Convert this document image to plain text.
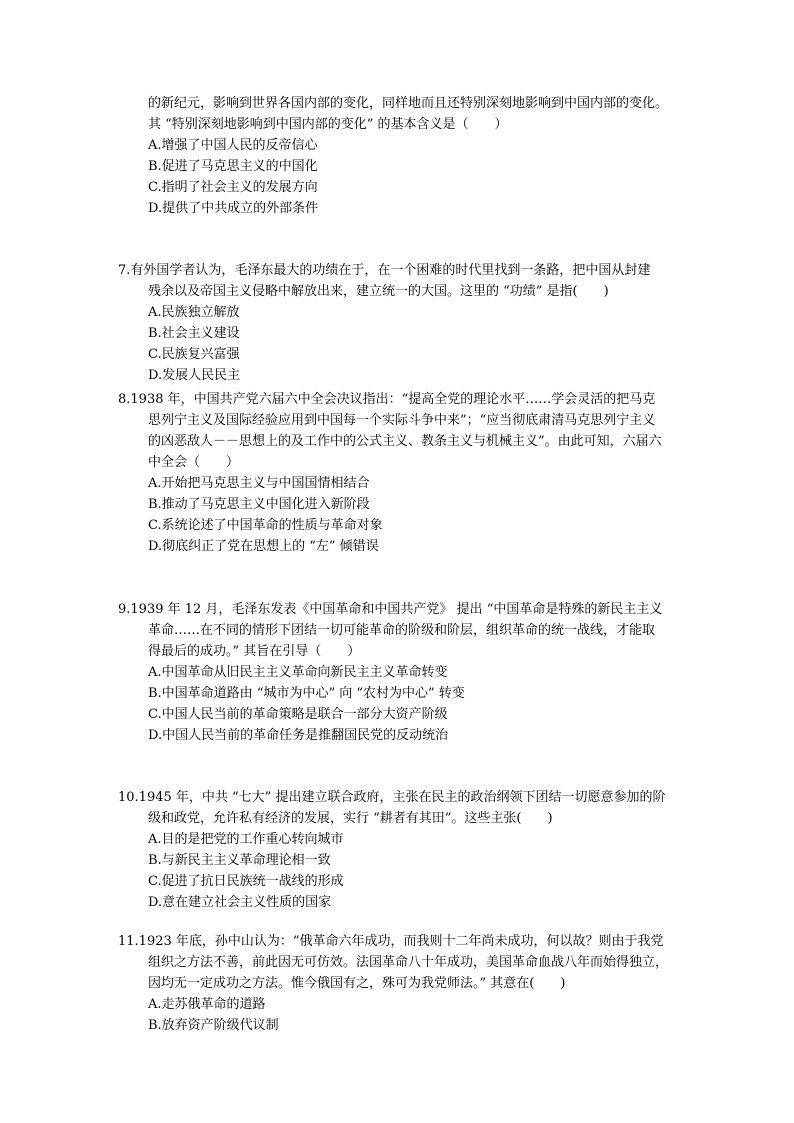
的新纪元，影响到世界各国内部的变化，同样地而且还特别深刻地影响到中国内部的变化。
其 “特别深刻地影响到中国内部的变化” 的基本含义是（　　）
A.增强了中国人民的反帝信心
B.促进了马克思主义的中国化
C.指明了社会主义的发展方向
D.提供了中共成立的外部条件
7.有外国学者认为，毛泽东最大的功绩在于，在一个困难的时代里找到一条路，把中国从封建
残余以及帝国主义侵略中解放出来，建立统一的大国。这里的 “功绩” 是指(　　)
A.民族独立解放
B.社会主义建设
C.民族复兴富强
D.发展人民民主
8.1938 年，中国共产党六届六中全会决议指出：“提高全党的理论水平……学会灵活的把马克
思列宁主义及国际经验应用到中国每一个实际斗争中来”；“应当彻底肃清马克思列宁主义
的凶恶敌人－－思想上的及工作中的公式主义、教条主义与机械主义”。由此可知，六届六
中全会（　　）
A.开始把马克思主义与中国国情相结合
B.推动了马克思主义中国化进入新阶段
C.系统论述了中国革命的性质与革命对象
D.彻底纠正了党在思想上的 “左” 倾错误
9.1939 年 12 月，毛泽东发表《中国革命和中国共产党》 提出 “中国革命是特殊的新民主主义
革命……在不同的情形下团结一切可能革命的阶级和阶层，组织革命的统一战线，才能取
得最后的成功。” 其旨在引导（　　）
A.中国革命从旧民主主义革命向新民主主义革命转变
B.中国革命道路由 “城市为中心” 向 “农村为中心” 转变
C.中国人民当前的革命策略是联合一部分大资产阶级
D.中国人民当前的革命任务是推翻国民党的反动统治
10.1945 年，中共 “七大” 提出建立联合政府，主张在民主的政治纲领下团结一切愿意参加的阶
级和政党，允许私有经济的发展，实行 “耕者有其田”。这些主张(　　)
A.目的是把党的工作重心转向城市
B.与新民主主义革命理论相一致
C.促进了抗日民族统一战线的形成
D.意在建立社会主义性质的国家
11.1923 年底，孙中山认为：“俄革命六年成功，而我则十二年尚未成功，何以故？则由于我党
组织之方法不善，前此因无可仿效。法国革命八十年成功，美国革命血战八年而始得独立，
因均无一定成功之方法。惟今俄国有之，殊可为我党师法。” 其意在(　　)
A.走苏俄革命的道路
B.放弃资产阶级代议制
